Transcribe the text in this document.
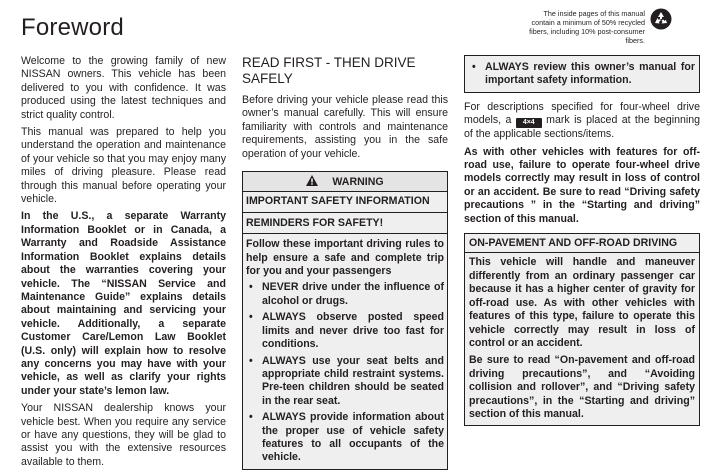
Foreword
The inside pages of this manual contain a minimum of 50% recycled fibers, including 10% post-consumer fibers.

Welcome to the growing family of new NISSAN owners. This vehicle has been delivered to you with confidence. It was produced using the latest techniques and strict quality control.

This manual was prepared to help you understand the operation and maintenance of your vehicle so that you may enjoy many miles of driving pleasure. Please read through this manual before operating your vehicle.

In the U.S., a separate Warranty Information Booklet or in Canada, a Warranty and Roadside Assistance Information Booklet explains details about the warranties covering your vehicle. The “NISSAN Service and Maintenance Guide” explains details about maintaining and servicing your vehicle. Additionally, a separate Customer Care/Lemon Law Booklet (U.S. only) will explain how to resolve any concerns you may have with your vehicle, as well as clarify your rights under your state’s lemon law.

Your NISSAN dealership knows your vehicle best. When you require any service or have any questions, they will be glad to assist you with the extensive resources available to them.

READ FIRST - THEN DRIVE SAFELY

Before driving your vehicle please read this owner’s manual carefully. This will ensure familiarity with controls and maintenance requirements, assisting you in the safe operation of your vehicle.

WARNING
IMPORTANT SAFETY INFORMATION
REMINDERS FOR SAFETY!
Follow these important driving rules to help ensure a safe and complete trip for you and your passengers
• NEVER drive under the influence of alcohol or drugs.
• ALWAYS observe posted speed limits and never drive too fast for conditions.
• ALWAYS use your seat belts and appropriate child restraint systems. Pre-teen children should be seated in the rear seat.
• ALWAYS provide information about the proper use of vehicle safety features to all occupants of the vehicle.
• ALWAYS review this owner’s manual for important safety information.

For descriptions specified for four-wheel drive models, a 4×4 mark is placed at the beginning of the applicable sections/items.

As with other vehicles with features for off-road use, failure to operate four-wheel drive models correctly may result in loss of control or an accident. Be sure to read “Driving safety precautions ” in the “Starting and driving” section of this manual.

ON-PAVEMENT AND OFF-ROAD DRIVING

This vehicle will handle and maneuver differently from an ordinary passenger car because it has a higher center of gravity for off-road use. As with other vehicles with features of this type, failure to operate this vehicle correctly may result in loss of control or an accident.

Be sure to read “On-pavement and off-road driving precautions”, and “Avoiding collision and rollover”, and “Driving safety precautions”, in the “Starting and driving” section of this manual.
